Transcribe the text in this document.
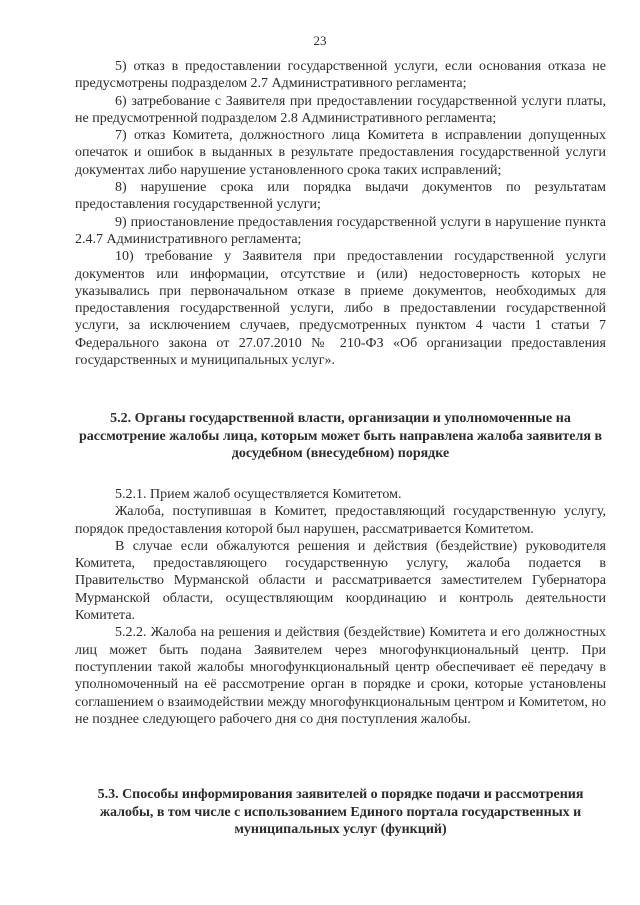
23

5) отказ в предоставлении государственной услуги, если основания отказа не предусмотрены подразделом 2.7 Административного регламента;

6) затребование с Заявителя при предоставлении государственной услуги платы, не предусмотренной подразделом 2.8 Административного регламента;

7) отказ Комитета, должностного лица Комитета в исправлении допущенных опечаток и ошибок в выданных в результате предоставления государственной услуги документах либо нарушение установленного срока таких исправлений;

8) нарушение срока или порядка выдачи документов по результатам предоставления государственной услуги;

9) приостановление предоставления государственной услуги в нарушение пункта 2.4.7 Административного регламента;

10) требование у Заявителя при предоставлении государственной услуги документов или информации, отсутствие и (или) недостоверность которых не указывались при первоначальном отказе в приеме документов, необходимых для предоставления государственной услуги, либо в предоставлении государственной услуги, за исключением случаев, предусмотренных пунктом 4 части 1 статьи 7 Федерального закона от 27.07.2010 № 210-ФЗ «Об организации предоставления государственных и муниципальных услуг».

5.2. Органы государственной власти, организации и уполномоченные на рассмотрение жалобы лица, которым может быть направлена жалоба заявителя в досудебном (внесудебном) порядке

5.2.1. Прием жалоб осуществляется Комитетом.

Жалоба, поступившая в Комитет, предоставляющий государственную услугу, порядок предоставления которой был нарушен, рассматривается Комитетом.

В случае если обжалуются решения и действия (бездействие) руководителя Комитета, предоставляющего государственную услугу, жалоба подается в Правительство Мурманской области и рассматривается заместителем Губернатора Мурманской области, осуществляющим координацию и контроль деятельности Комитета.

5.2.2. Жалоба на решения и действия (бездействие) Комитета и его должностных лиц может быть подана Заявителем через многофункциональный центр. При поступлении такой жалобы многофункциональный центр обеспечивает её передачу в уполномоченный на её рассмотрение орган в порядке и сроки, которые установлены соглашением о взаимодействии между многофункциональным центром и Комитетом, но не позднее следующего рабочего дня со дня поступления жалобы.

5.3. Способы информирования заявителей о порядке подачи и рассмотрения жалобы, в том числе с использованием Единого портала государственных и муниципальных услуг (функций)
